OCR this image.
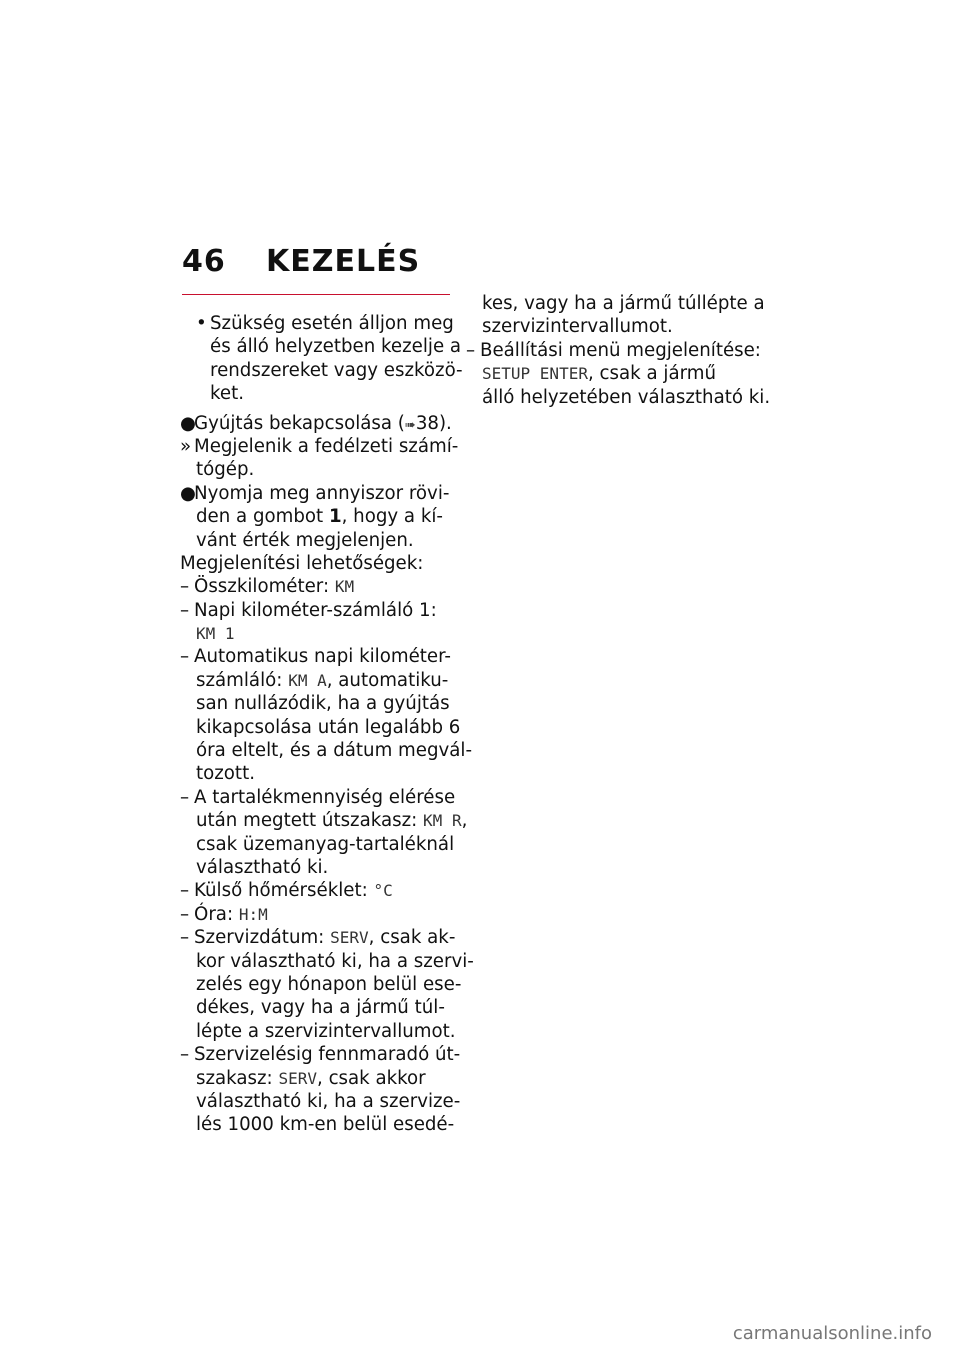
46	KEZELÉS
• Szükség esetén álljon meg
és álló helyzetben kezelje a
rendszereket vagy eszközö-
ket.
●Gyújtás bekapcsolása (➠38).
» Megjelenik a fedélzeti számí-
tógép.
●Nyomja meg annyiszor rövi-
den a gombot 1, hogy a kí-
vánt érték megjelenjen.
Megjelenítési lehetőségek:
– Összkilométer: KM
– Napi kilométer-számláló 1:
KM 1
– Automatikus napi kilométer-
számláló: KM A, automatiku-
san nullázódik, ha a gyújtás
kikapcsolása után legalább 6
óra eltelt, és a dátum megvál-
tozott.
– A tartalékmennyiség elérése
után megtett útszakasz: KM R,
csak üzemanyag-tartaléknál
választható ki.
– Külső hőmérséklet: °C
– Óra: H:M
– Szervizdátum: SERV, csak ak-
kor választható ki, ha a szervi-
zelés egy hónapon belül ese-
dékes, vagy ha a jármű túl-
lépte a szervizintervallumot.
– Szervizelésig fennmaradó út-
szakasz: SERV, csak akkor
választható ki, ha a szervize-
lés 1000 km-en belül esedé-
kes, vagy ha a jármű túllépte a
szervizintervallumot.
– Beállítási menü megjelenítése:
SETUP ENTER, csak a jármű
álló helyzetében választható ki.
carmanualsonline.info
